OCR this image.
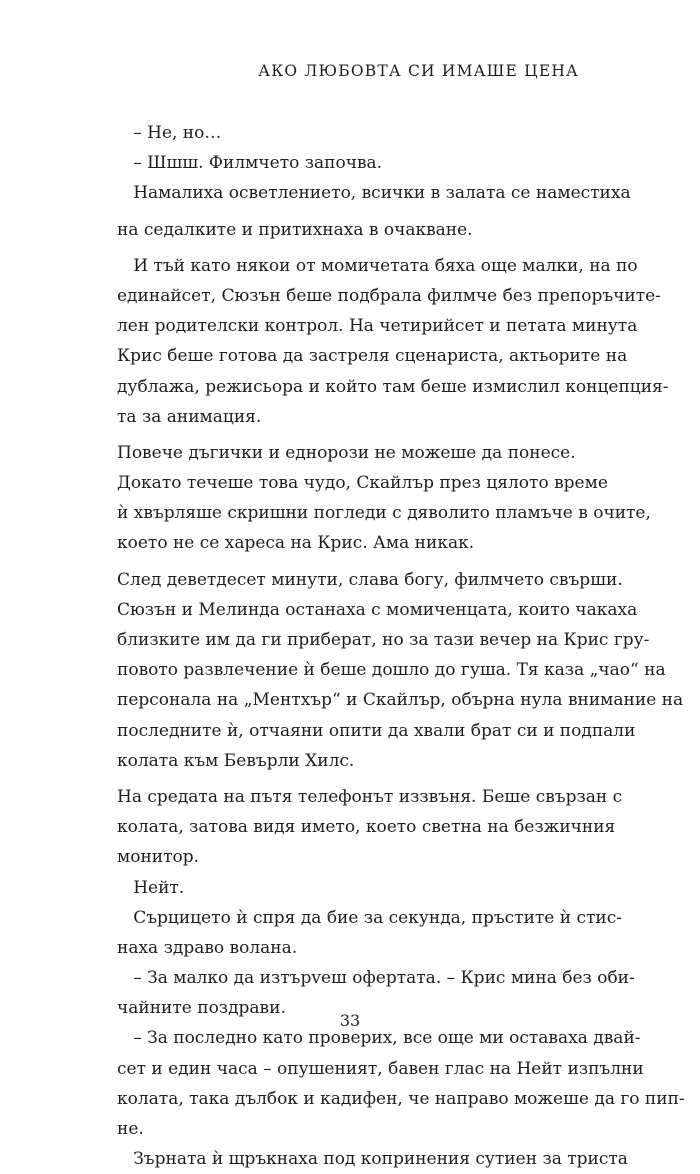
АКО ЛЮБОВТА СИ ИМАШЕ ЦЕНА
– Не, но…
– Шшш. Филмчето започва.
Намалиха осветлението, всички в залата се наместиха
на седалките и притихнаха в очакване.
И тъй като някои от момичетата бяха още малки, на по
единайсет, Сюзън беше подбрала филмче без препоръчите-
лен родителски контрол. На четирийсет и петата минута
Крис беше готова да застреля сценариста, актьорите на
дублажа, режисьора и който там беше измислил концепция-
та за анимация.
Повече дъгички и еднорози не можеше да понесе.
Докато течеше това чудо, Скайлър през цялото време
ѝ хвърляше скришни погледи с дяволито пламъче в очите,
което не се хареса на Крис. Ама никак.
След деветдесет минути, слава богу, филмчето свърши.
Сюзън и Мелинда останаха с момиченцата, които чакаха
близките им да ги приберат, но за тази вечер на Крис гру-
повото развлечение ѝ беше дошло до гуша. Тя каза „чао“ на
персонала на „Ментхър“ и Скайлър, обърна нула внимание на
последните ѝ, отчаяни опити да хвали брат си и подпали
колата към Бевърли Хилс.
На средата на пътя телефонът иззвъня. Беше свързан с
колата, затова видя името, което светна на безжичния
монитор.
Нейт.
Сърцицето ѝ спря да бие за секунда, пръстите ѝ стис-
наха здраво волана.
– За малко да изтърveш офертата. – Крис мина без оби-
чайните поздрави.
– За последно като проверих, все още ми оставаха двай-
сет и един часа – опушеният, бавен глас на Нейт изпълни
колата, така дълбок и кадифен, че направо можеше да го пип-
не.
Зърната ѝ щръкнаха под копринения сутиен за триста
33
